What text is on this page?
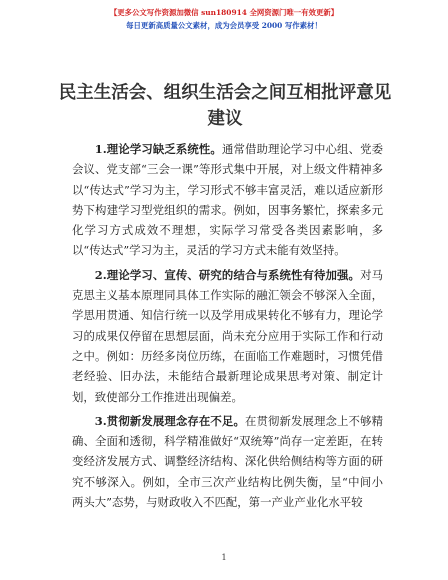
【更多公文写作资源加微信 sun180914 全网资源门唯一有效更新】
每日更新高质量公文素材，成为会员享受 2000 写作素材！
民主生活会、组织生活会之间互相批评意见建议

1.理论学习缺乏系统性。通常借助理论学习中心组、党委会议、党支部“三会一课”等形式集中开展，对上级文件精神多以“传达式”学习为主，学习形式不够丰富灵活，难以适应新形势下构建学习型党组织的需求。例如，因事务繁忙，探索多元化学习方式成效不理想，实际学习常受各类因素影响，多以“传达式”学习为主，灵活的学习方式未能有效坚持。

2.理论学习、宣传、研究的结合与系统性有待加强。对马克思主义基本原理同具体工作实际的融汇领会不够深入全面，学思用贯通、知信行统一以及学用成果转化不够有力，理论学习的成果仅停留在思想层面，尚未充分应用于实际工作和行动之中。例如：历经多岗位历练，在面临工作难题时，习惯凭借老经验、旧办法，未能结合最新理论成果思考对策、制定计划，致使部分工作推进出现偏差。

3.贯彻新发展理念存在不足。在贯彻新发展理念上不够精确、全面和透彻，科学精准做好“双统筹”尚存一定差距，在转变经济发展方式、调整经济结构、深化供给侧结构等方面的研究不够深入。例如，全市三次产业结构比例失衡，呈“中间小两头大”态势，与财政收入不匹配，第一产业产业化水平较

1
